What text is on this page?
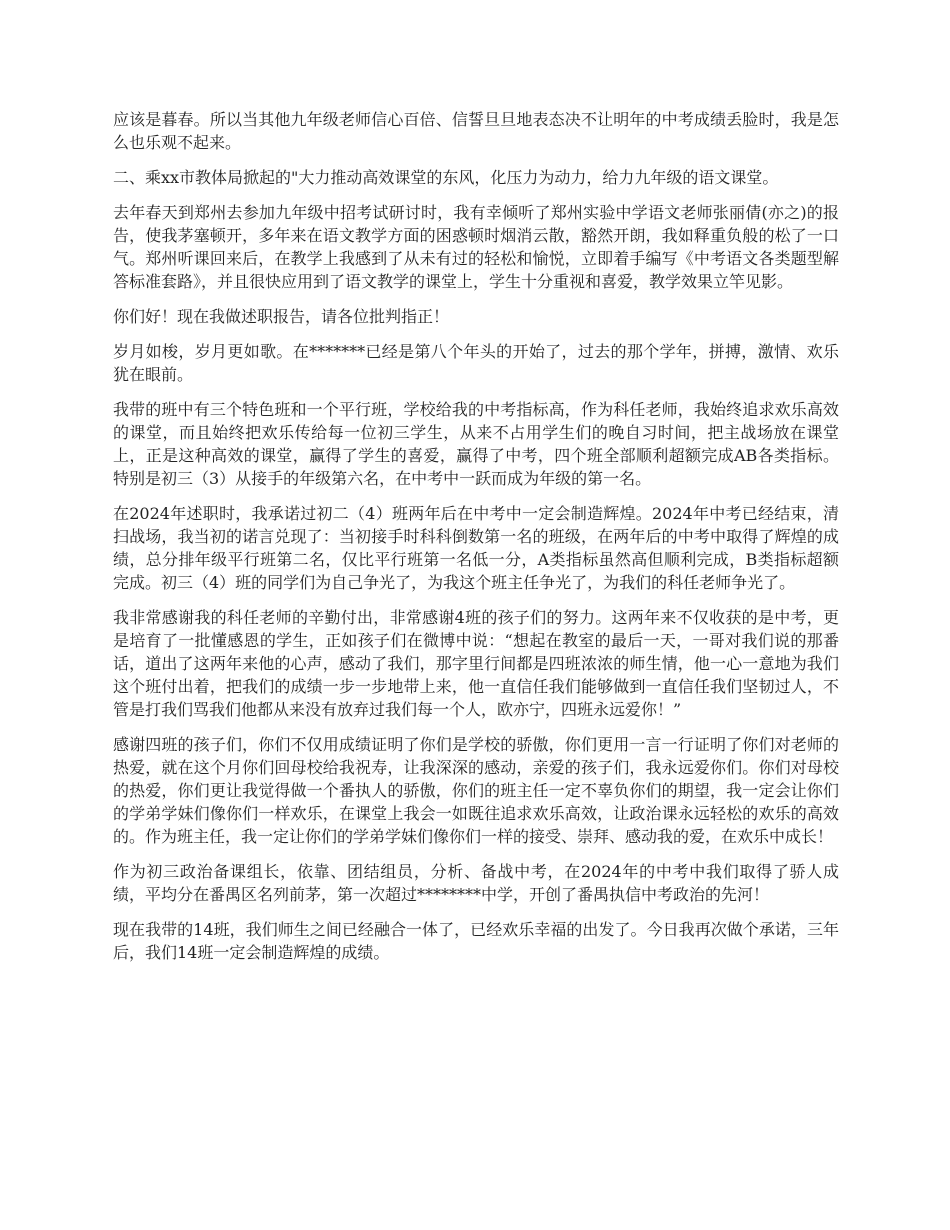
应该是暮春。所以当其他九年级老师信心百倍、信誓旦旦地表态决不让明年的中考成绩丢脸时，我是怎么也乐观不起来。

二、乘xx市教体局掀起的"大力推动高效课堂的东风，化压力为动力，给力九年级的语文课堂。

去年春天到郑州去参加九年级中招考试研讨时，我有幸倾听了郑州实验中学语文老师张丽倩(亦之)的报告，使我茅塞顿开，多年来在语文教学方面的困惑顿时烟消云散，豁然开朗，我如释重负般的松了一口气。郑州听课回来后，在教学上我感到了从未有过的轻松和愉悦，立即着手编写《中考语文各类题型解答标准套路》，并且很快应用到了语文教学的课堂上，学生十分重视和喜爱，教学效果立竿见影。

你们好！现在我做述职报告，请各位批判指正！

岁月如梭，岁月更如歌。在*******已经是第八个年头的开始了，过去的那个学年，拼搏，激情、欢乐犹在眼前。

我带的班中有三个特色班和一个平行班，学校给我的中考指标高，作为科任老师，我始终追求欢乐高效的课堂，而且始终把欢乐传给每一位初三学生，从来不占用学生们的晚自习时间，把主战场放在课堂上，正是这种高效的课堂，赢得了学生的喜爱，赢得了中考，四个班全部顺利超额完成AB各类指标。特别是初三（3）从接手的年级第六名，在中考中一跃而成为年级的第一名。

在2024年述职时，我承诺过初二（4）班两年后在中考中一定会制造辉煌。2024年中考已经结束，清扫战场，我当初的诺言兑现了：当初接手时科科倒数第一名的班级，在两年后的中考中取得了辉煌的成绩，总分排年级平行班第二名，仅比平行班第一名低一分，A类指标虽然高但顺利完成，B类指标超额完成。初三（4）班的同学们为自己争光了，为我这个班主任争光了，为我们的科任老师争光了。

我非常感谢我的科任老师的辛勤付出，非常感谢4班的孩子们的努力。这两年来不仅收获的是中考，更是培育了一批懂感恩的学生，正如孩子们在微博中说：“想起在教室的最后一天，一哥对我们说的那番话，道出了这两年来他的心声，感动了我们，那字里行间都是四班浓浓的师生情，他一心一意地为我们这个班付出着，把我们的成绩一步一步地带上来，他一直信任我们能够做到一直信任我们坚韧过人，不管是打我们骂我们他都从来没有放弃过我们每一个人，欧亦宁，四班永远爱你！”

感谢四班的孩子们，你们不仅用成绩证明了你们是学校的骄傲，你们更用一言一行证明了你们对老师的热爱，就在这个月你们回母校给我祝寿，让我深深的感动，亲爱的孩子们，我永远爱你们。你们对母校的热爱，你们更让我觉得做一个番执人的骄傲，你们的班主任一定不辜负你们的期望，我一定会让你们的学弟学妹们像你们一样欢乐，在课堂上我会一如既往追求欢乐高效，让政治课永远轻松的欢乐的高效的。作为班主任，我一定让你们的学弟学妹们像你们一样的接受、崇拜、感动我的爱，在欢乐中成长！

作为初三政治备课组长，依靠、团结组员，分析、备战中考，在2024年的中考中我们取得了骄人成绩，平均分在番禺区名列前茅，第一次超过********中学，开创了番禺执信中考政治的先河！

现在我带的14班，我们师生之间已经融合一体了，已经欢乐幸福的出发了。今日我再次做个承诺，三年后，我们14班一定会制造辉煌的成绩。
